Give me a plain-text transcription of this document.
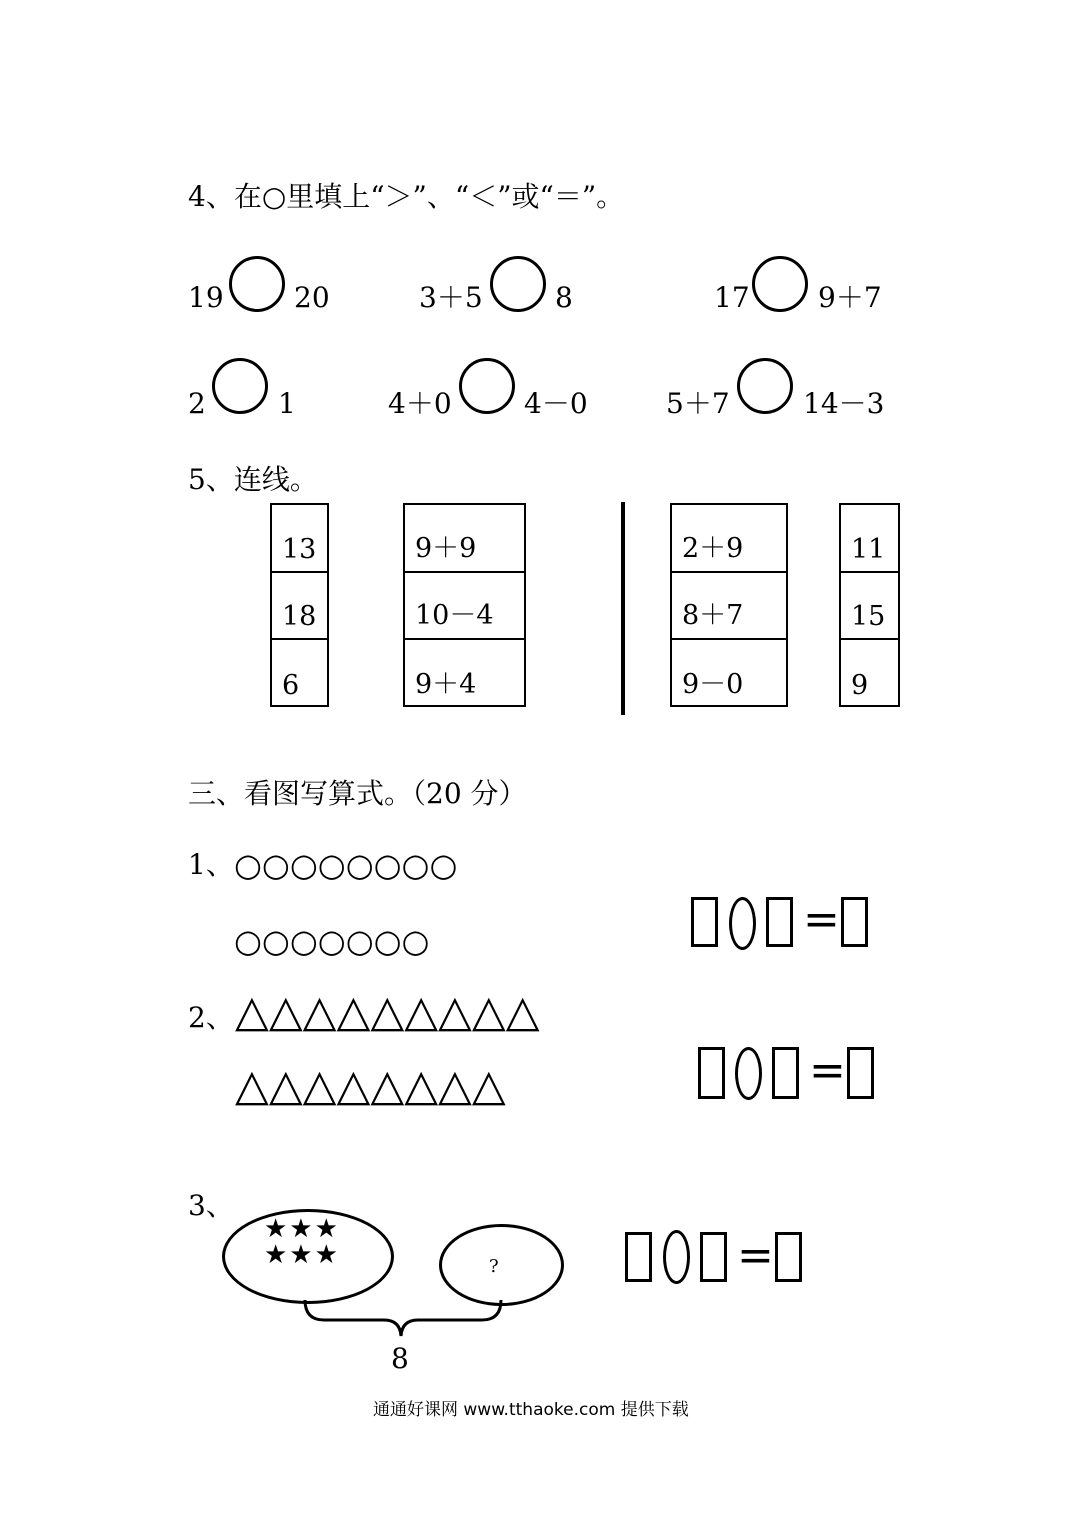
4、在○里填上“＞”、“＜”或“＝”。
19	20	3＋5	8	17 9＋7
2	1	4＋0	4－0	5＋7	14－3
5、连线。
13
18
6
9＋9
10－4
9＋4
2＋9
8＋7
9－0
11
15
9
三、看图写算式。（20 分）
1、 ○○○○○○○○
○○○○○○○	=
2、 △△△△△△△△△
△△△△△△△△	=
3、
★★★
★★★	?
8
=
通通好课网 www.tthaoke.com 提供下载
